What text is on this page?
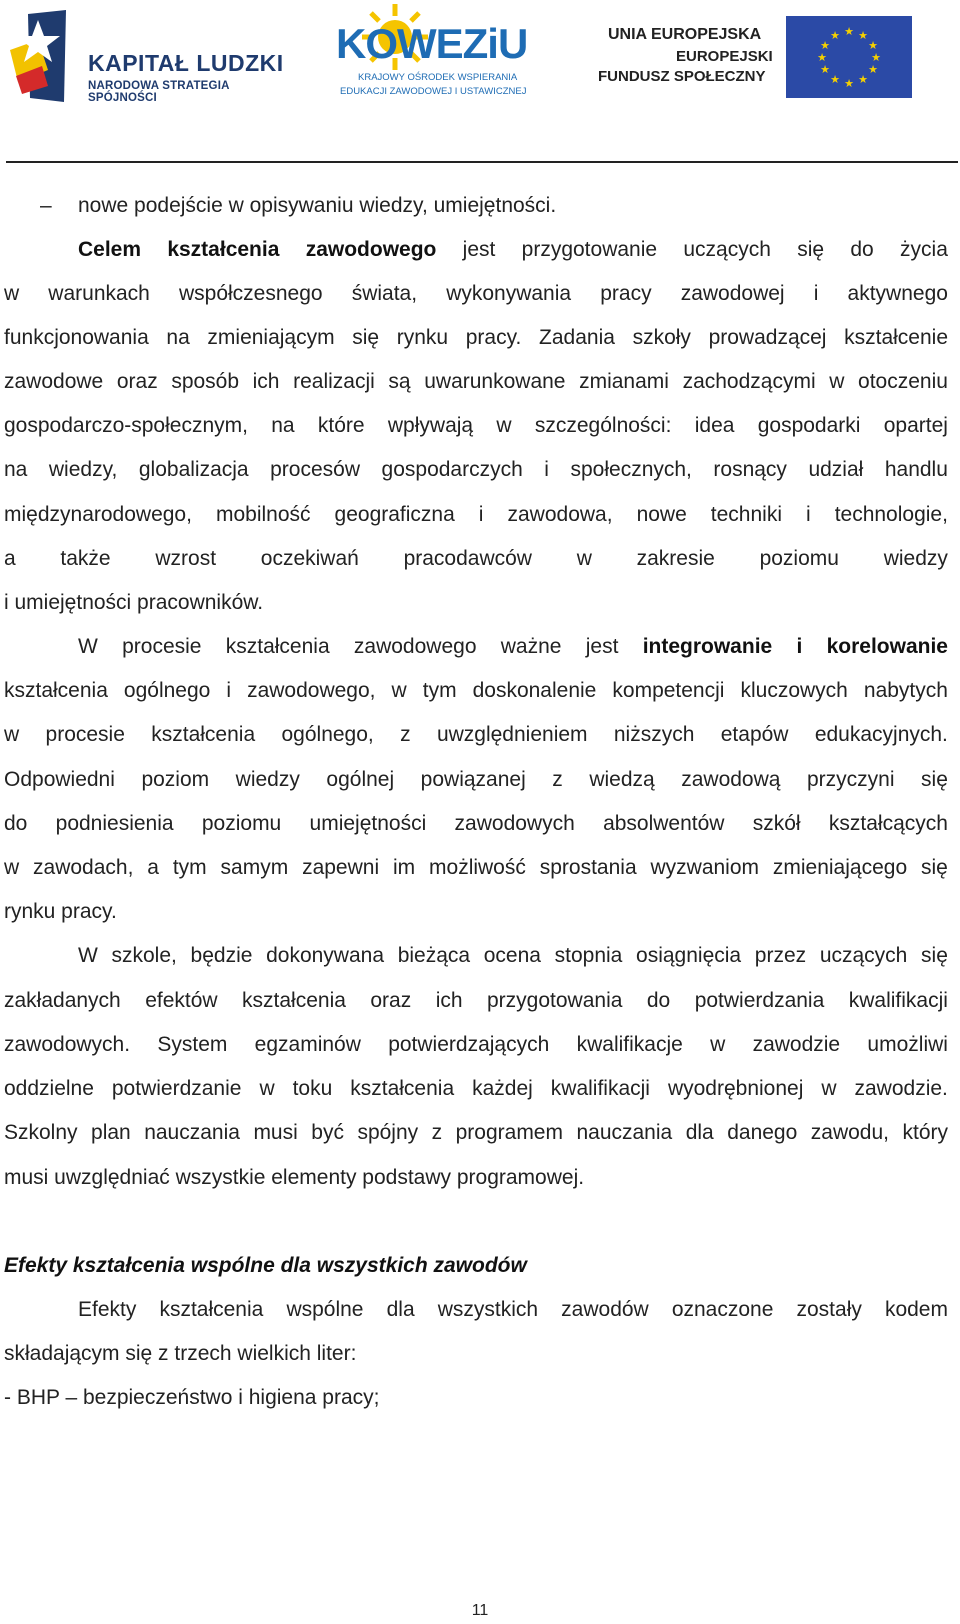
KAPITAŁ LUDZKI
NARODOWA STRATEGIA SPÓJNOŚCI
KOWEZiU
KRAJOWY OŚRODEK WSPIERANIA
EDUKACJI ZAWODOWEJ I USTAWICZNEJ
UNIA EUROPEJSKA
EUROPEJSKI
FUNDUSZ SPOŁECZNY
★ ★
★
★
★
★
★
★
★
★
★
★
– nowe podejście w opisywaniu wiedzy, umiejętności.
Celem kształcenia zawodowego jest przygotowanie uczących się do życia
w warunkach współczesnego świata, wykonywania pracy zawodowej i aktywnego
funkcjonowania na zmieniającym się rynku pracy. Zadania szkoły prowadzącej kształcenie
zawodowe oraz sposób ich realizacji są uwarunkowane zmianami zachodzącymi w otoczeniu
gospodarczo-społecznym, na które wpływają w szczególności: idea gospodarki opartej
na wiedzy, globalizacja procesów gospodarczych i społecznych, rosnący udział handlu
międzynarodowego, mobilność geograficzna i zawodowa, nowe techniki i technologie,
a także wzrost oczekiwań pracodawców w zakresie poziomu wiedzy
i umiejętności pracowników.
W procesie kształcenia zawodowego ważne jest integrowanie i korelowanie
kształcenia ogólnego i zawodowego, w tym doskonalenie kompetencji kluczowych nabytych
w procesie kształcenia ogólnego, z uwzględnieniem niższych etapów edukacyjnych.
Odpowiedni poziom wiedzy ogólnej powiązanej z wiedzą zawodową przyczyni się
do podniesienia poziomu umiejętności zawodowych absolwentów szkół kształcących
w zawodach, a tym samym zapewni im możliwość sprostania wyzwaniom zmieniającego się
rynku pracy.
W szkole, będzie dokonywana bieżąca ocena stopnia osiągnięcia przez uczących się
zakładanych efektów kształcenia oraz ich przygotowania do potwierdzania kwalifikacji
zawodowych. System egzaminów potwierdzających kwalifikacje w zawodzie umożliwi
oddzielne potwierdzanie w toku kształcenia każdej kwalifikacji wyodrębnionej w zawodzie.
Szkolny plan nauczania musi być spójny z programem nauczania dla danego zawodu, który
musi uwzględniać wszystkie elementy podstawy programowej.
Efekty kształcenia wspólne dla wszystkich zawodów
Efekty kształcenia wspólne dla wszystkich zawodów oznaczone zostały kodem
składającym się z trzech wielkich liter:
- BHP – bezpieczeństwo i higiena pracy;
11
